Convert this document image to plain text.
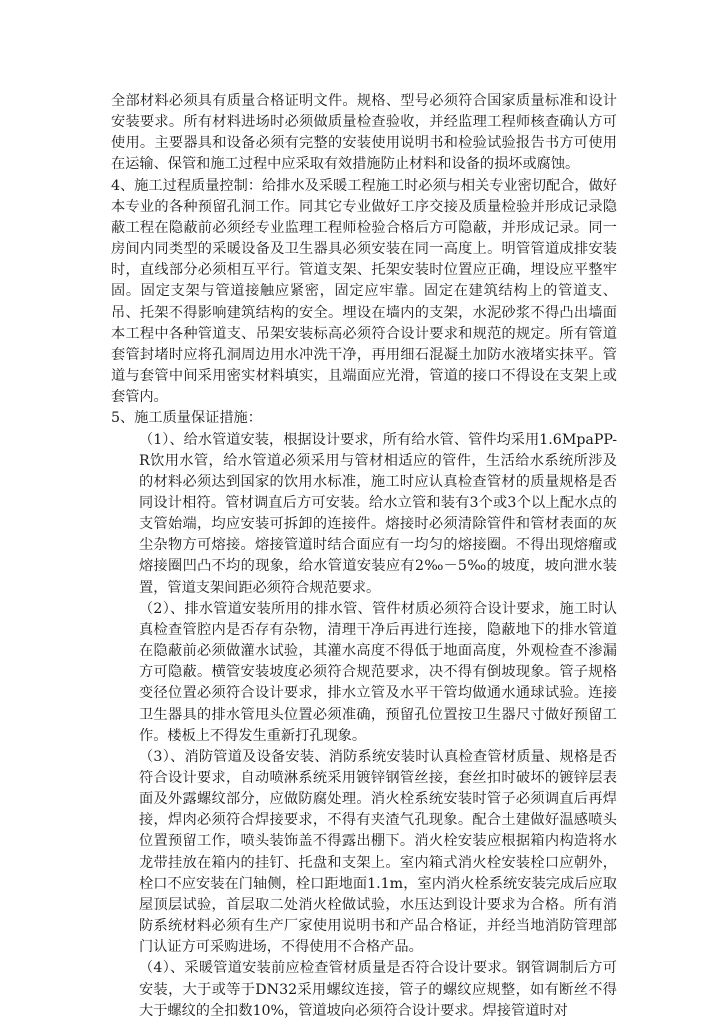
全部材料必须具有质量合格证明文件。规格、型号必须符合国家质量标准和设计安装要求。所有材料进场时必须做质量检查验收，并经监理工程师核查确认方可使用。主要器具和设备必须有完整的安装使用说明书和检验试验报告书方可使用在运输、保管和施工过程中应采取有效措施防止材料和设备的损坏或腐蚀。

4、施工过程质量控制：给排水及采暖工程施工时必须与相关专业密切配合，做好本专业的各种预留孔洞工作。同其它专业做好工序交接及质量检验并形成记录隐蔽工程在隐蔽前必须经专业监理工程师检验合格后方可隐蔽，并形成记录。同一房间内同类型的采暖设备及卫生器具必须安装在同一高度上。明管管道成排安装时，直线部分必须相互平行。管道支架、托架安装时位置应正确，埋设应平整牢固。固定支架与管道接触应紧密，固定应牢靠。固定在建筑结构上的管道支、吊、托架不得影响建筑结构的安全。埋设在墙内的支架，水泥砂浆不得凸出墙面本工程中各种管道支、吊架安装标高必须符合设计要求和规范的规定。所有管道套管封堵时应将孔洞周边用水冲洗干净，再用细石混凝土加防水液堵实抹平。管道与套管中间采用密实材料填实，且端面应光滑，管道的接口不得设在支架上或套管内。

5、施工质量保证措施：

（1）、给水管道安装，根据设计要求，所有给水管、管件均采用1.6MpaPP-R饮用水管，给水管道必须采用与管材相适应的管件，生活给水系统所涉及的材料必须达到国家的饮用水标准，施工时应认真检查管材的质量规格是否同设计相符。管材调直后方可安装。给水立管和装有3个或3个以上配水点的支管始端，均应安装可拆卸的连接件。熔接时必须清除管件和管材表面的灰尘杂物方可熔接。熔接管道时结合面应有一均匀的熔接圈。不得出现熔瘤或熔接圈凹凸不均的现象，给水管道安装应有2‰－5‰的坡度，坡向泄水装置，管道支架间距必须符合规范要求。

（2）、排水管道安装所用的排水管、管件材质必须符合设计要求，施工时认真检查管腔内是否存有杂物，清理干净后再进行连接，隐蔽地下的排水管道在隐蔽前必须做灌水试验，其灌水高度不得低于地面高度，外观检查不渗漏方可隐蔽。横管安装坡度必须符合规范要求，决不得有倒坡现象。管子规格变径位置必须符合设计要求，排水立管及水平干管均做通水通球试验。连接卫生器具的排水管甩头位置必须准确，预留孔位置按卫生器尺寸做好预留工作。楼板上不得发生重新打孔现象。

（3）、消防管道及设备安装、消防系统安装时认真检查管材质量、规格是否符合设计要求，自动喷淋系统采用镀锌钢管丝接，套丝扣时破坏的镀锌层表面及外露螺纹部分，应做防腐处理。消火栓系统安装时管子必须调直后再焊接，焊肉必须符合焊接要求，不得有夹渣气孔现象。配合土建做好温感喷头位置预留工作，喷头装饰盖不得露出棚下。消火栓安装应根据箱内构造将水龙带挂放在箱内的挂钉、托盘和支架上。室内箱式消火栓安装栓口应朝外，栓口不应安装在门轴侧，栓口距地面1.1m，室内消火栓系统安装完成后应取屋顶层试验，首层取二处消火栓做试验，水压达到设计要求为合格。所有消防系统材料必须有生产厂家使用说明书和产品合格证，并经当地消防管理部门认证方可采购进场，不得使用不合格产品。

（4）、采暖管道安装前应检查管材质量是否符合设计要求。钢管调制后方可安装，大于或等于DN32采用螺纹连接，管子的螺纹应规整，如有断丝不得大于螺纹的全扣数10%，管道坡向必须符合设计要求。焊接管道时对
